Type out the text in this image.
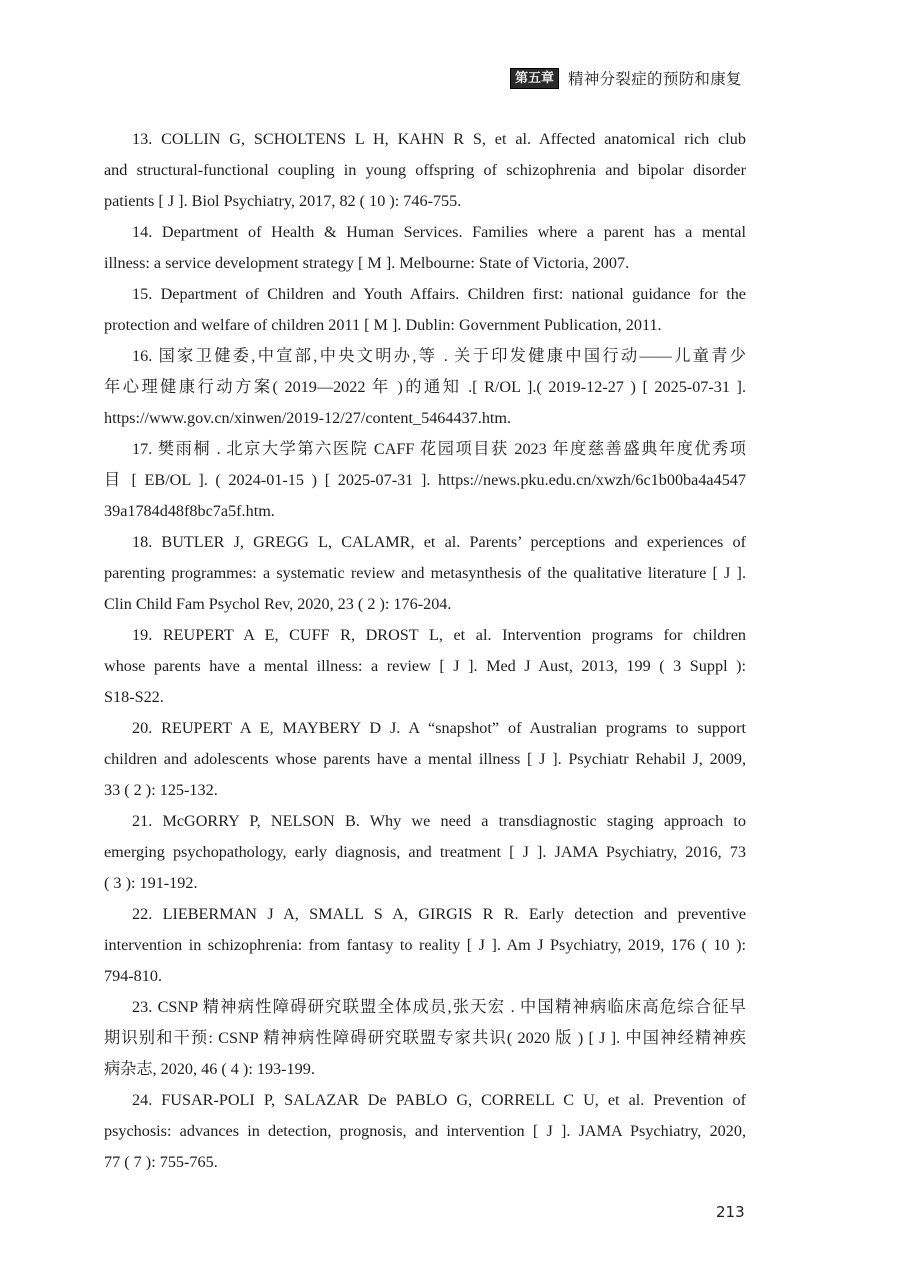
第五章 精神分裂症的预防和康复
13. COLLIN G, SCHOLTENS L H, KAHN R S, et al. Affected anatomical rich club
and structural-functional coupling in young offspring of schizophrenia and bipolar disorder
patients [ J ]. Biol Psychiatry, 2017, 82 ( 10 ): 746-755.
14. Department of Health & Human Services. Families where a parent has a mental
illness: a service development strategy [ M ]. Melbourne: State of Victoria, 2007.
15. Department of Children and Youth Affairs. Children first: national guidance for the
protection and welfare of children 2011 [ M ]. Dublin: Government Publication, 2011.
16. 国家卫健委,中宣部,中央文明办,等 . 关于印发健康中国行动——儿童青少
年心理健康行动方案( 2019—2022 年 )的通知 .[ R/OL ].( 2019-12-27 ) [ 2025-07-31 ].
https://www.gov.cn/xinwen/2019-12/27/content_5464437.htm.
17. 樊雨桐 . 北京大学第六医院 CAFF 花园项目获 2023 年度慈善盛典年度优秀项
目 [ EB/OL ]. ( 2024-01-15 ) [ 2025-07-31 ]. https://news.pku.edu.cn/xwzh/6c1b00ba4a4547
39a1784d48f8bc7a5f.htm.
18. BUTLER J, GREGG L, CALAMR, et al. Parents’ perceptions and experiences of
parenting programmes: a systematic review and metasynthesis of the qualitative literature [ J ].
Clin Child Fam Psychol Rev, 2020, 23 ( 2 ): 176-204.
19. REUPERT A E, CUFF R, DROST L, et al. Intervention programs for children
whose parents have a mental illness: a review [ J ]. Med J Aust, 2013, 199 ( 3 Suppl ):
S18-S22.
20. REUPERT A E, MAYBERY D J. A “snapshot” of Australian programs to support
children and adolescents whose parents have a mental illness [ J ]. Psychiatr Rehabil J, 2009,
33 ( 2 ): 125-132.
21. McGORRY P, NELSON B. Why we need a transdiagnostic staging approach to
emerging psychopathology, early diagnosis, and treatment [ J ]. JAMA Psychiatry, 2016, 73
( 3 ): 191-192.
22. LIEBERMAN J A, SMALL S A, GIRGIS R R. Early detection and preventive
intervention in schizophrenia: from fantasy to reality [ J ]. Am J Psychiatry, 2019, 176 ( 10 ):
794-810.
23. CSNP 精神病性障碍研究联盟全体成员,张天宏 . 中国精神病临床高危综合征早
期识别和干预: CSNP 精神病性障碍研究联盟专家共识( 2020 版 ) [ J ]. 中国神经精神疾
病杂志, 2020, 46 ( 4 ): 193-199.
24. FUSAR-POLI P, SALAZAR De PABLO G, CORRELL C U, et al. Prevention of
psychosis: advances in detection, prognosis, and intervention [ J ]. JAMA Psychiatry, 2020,
77 ( 7 ): 755-765.
213
